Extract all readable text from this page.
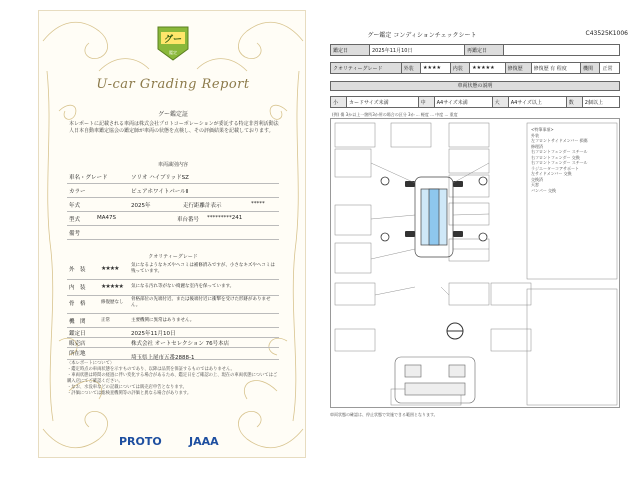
グー
鑑定
U-car Grading Report
グー鑑定証
本レポートに記載される車両は株式会社プロトコーポレーションが委託する特定非営利活動法人日本自動車鑑定協会の鑑定師が車両の状態を点検し、その評価結果を記載しております。
車両識別内容
車名・グレード	ソリオ ハイブリッドSZ
カラー	ピュアホワイトパールⅡ
年式	2025年	走行距離計表示	*****
型式	MA47S	車台番号 *********241
備考
クオリティーグレード
外　装	★★★★	気になるようなキズやヘコミは補修済みですが、小さなキズやヘコミは残っています。
内　装	★★★★★ 気になる汚れ等がない綺麗な室内を保っています。
骨　格	修復歴なし
骨格部位の先端付近、または後端付近に衝撃を受けた形跡がありません。
機　関	正常	主要機関に異常はありません。
鑑定日	2025年11月10日
販売店	株式会社 オートセレクション 76号本店
所在地
埼玉県上尾市五番2888-1
〈本レポートについて〉
・鑑定時点の車両状態を示すものであり、以降は品質を保証するものではありません。
・車両状態は時間の経過に伴い変化する場合があるため、鑑定日をご確認の上、現在の車両状態についてはご購入店にてご確認ください。
・なお、水没車などの記載については販売店申告となります。
・評価については総検査機関等の評価と異なる場合があります。
PROTO JAAA
グー鑑定 コンディションチェックシート	C43525K1006
鑑定日	2025年11月10日	再鑑定日	
クオリティーグレード	外装	★★★★	内装	★★★★★	修復歴	修復歴 有 程度	機関	正常
車両状態の説明
小	カードサイズ未満	中	A4サイズ未満	大	A4サイズ以上	数	2個以上
(例) 傷 3か以上一箇所3か所の場合の区分 3か ... 軽度 ... 中度 ... 重度
<特筆事項>
外装
左フロントサイドメンバー 損傷
修理済
右フロントフェンダー スチール
右フロントフェンダー 交換
右フロントフェンダー スチール
ラジエーターコアサポート
左サイドメンバー 交換
交換済
天窓
バンパー 交換
車両状態の確認は、停止状態で実施できる範囲となります。
